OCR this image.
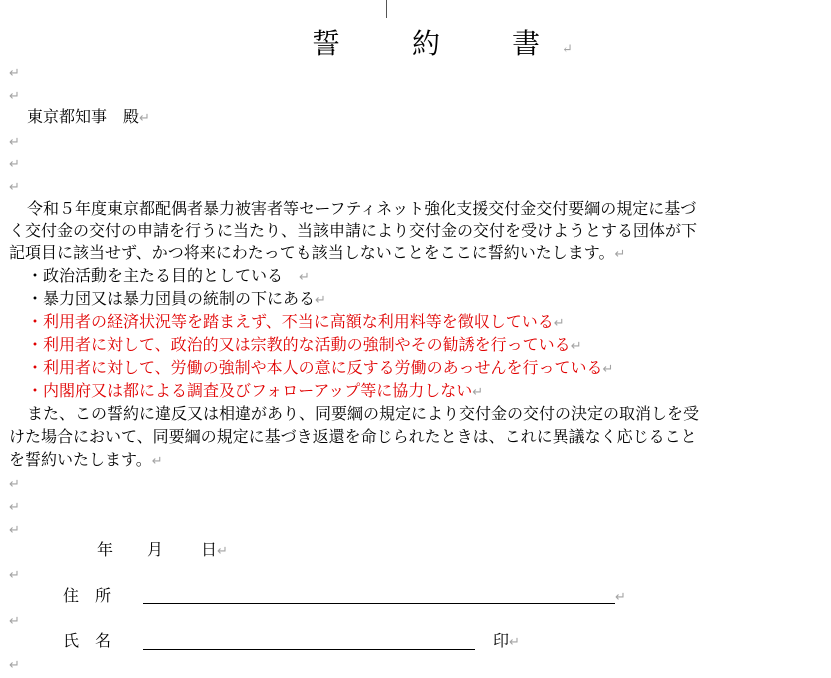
誓　約　書↵
↵
↵
東京都知事　殿↵
↵
↵
↵
令和５年度東京都配偶者暴力被害者等セーフティネット強化支援交付金交付要綱の規定に基づ
く交付金の交付の申請を行うに当たり、当該申請により交付金の交付を受けようとする団体が下
記項目に該当せず、かつ将来にわたっても該当しないことをここに誓約いたします。↵
・政治活動を主たる目的としている　↵
・暴力団又は暴力団員の統制の下にある↵
・利用者の経済状況等を踏まえず、不当に高額な利用料等を徴収している↵
・利用者に対して、政治的又は宗教的な活動の強制やその勧誘を行っている↵
・利用者に対して、労働の強制や本人の意に反する労働のあっせんを行っている↵
・内閣府又は都による調査及びフォローアップ等に協力しない↵
また、この誓約に違反又は相違があり、同要綱の規定により交付金の交付の決定の取消しを受
けた場合において、同要綱の規定に基づき返還を命じられたときは、これに異議なく応じること
を誓約いたします。↵
↵
↵
↵
年 月 日↵
↵
住　所	↵
↵
氏　名	印↵
↵
